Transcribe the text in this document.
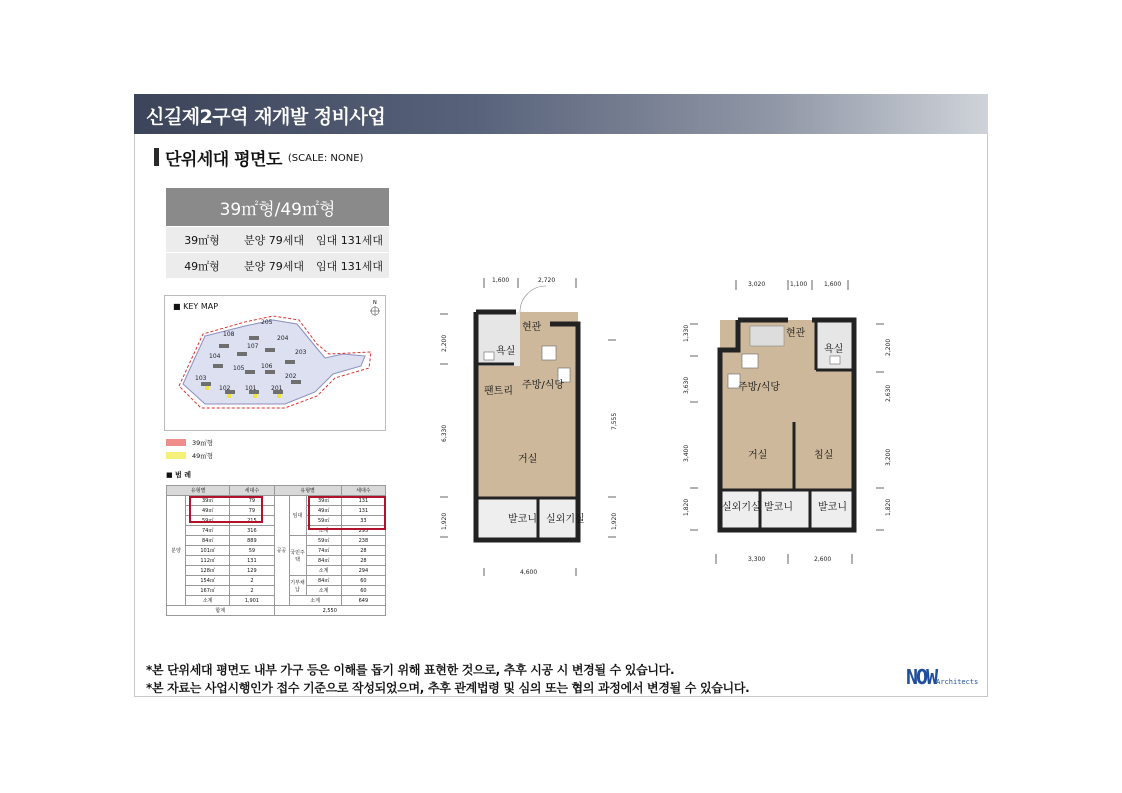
신길제2구역 재개발 정비사업
단위세대 평면도 (SCALE: NONE)
39㎡형/49㎡형
39㎡형	분양 79세대	임대 131세대
49㎡형	분양 79세대	임대 131세대
■ KEY MAP
205
108
204
107
104
203
105	106
103	202
102 101 201
N
39㎡형
49㎡형
■ 범 례
유형별		세대수	유형별			세대수
분양	39㎡	79	공공	임대	39㎡	131
	49㎡	79			49㎡	131
	59㎡	215			59㎡	33
	74㎡	316			소계	295
	84㎡	889		국민주택	59㎡	238
	101㎡	59			74㎡	28
	112㎡	131			84㎡	28
	128㎡	129			소계	294
	154㎡	2		기부채납	84㎡	60
	167㎡	2			소계	60
	소계	1,901		소계		649
합계			2,550			
1,600	2,720
2,200
6,330
1,920
7,555
1,920
4,600
현관
욕실
주방/식당
팬트리
거실
발코니 실외기실
3,020	1,100	1,600
1,330
3,630
3,400
1,820
2,200
2,630
3,200
1,820
3,300	2,600
현관
욕실
주방/식당
거실	침실
실외기실 발코니	발코니
*본 단위세대 평면도 내부 가구 등은 이해를 돕기 위해 표현한 것으로, 추후 시공 시 변경될 수 있습니다.
*본 자료는 사업시행인가 접수 기준으로 작성되었으며, 추후 관계법령 및 심의 또는 협의 과정에서 변경될 수 있습니다.	NOWArchitects
